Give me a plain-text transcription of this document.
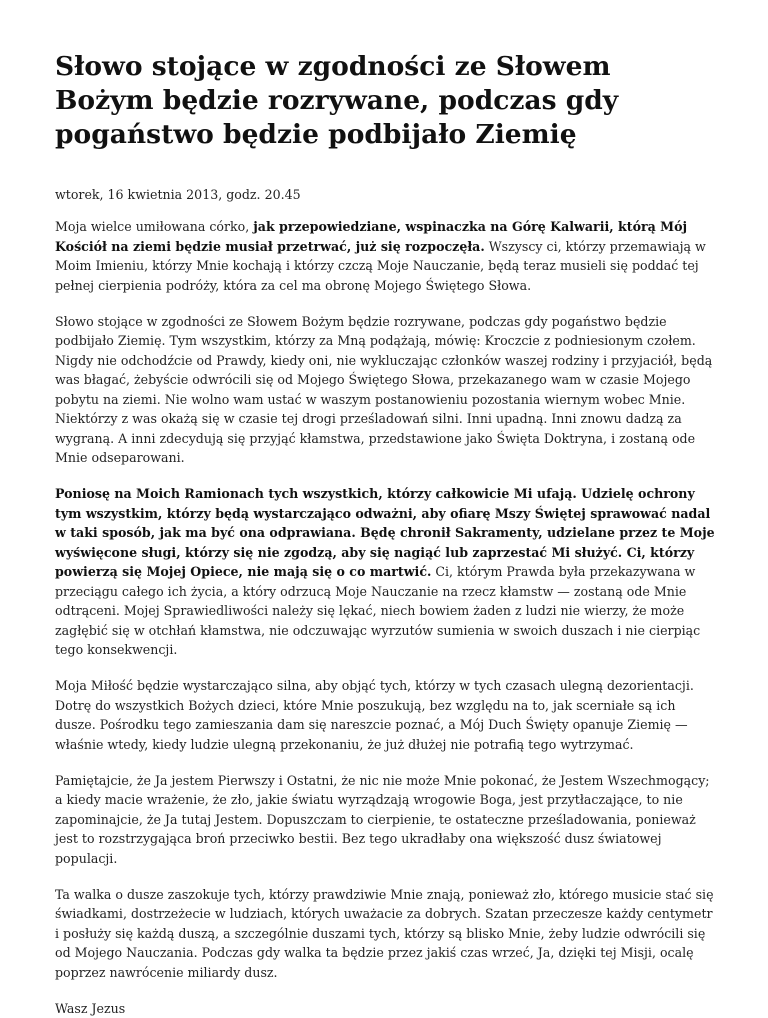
Słowo stojące w zgodności ze Słowem Bożym będzie rozrywane, podczas gdy pogaństwo będzie podbijało Ziemię
wtorek, 16 kwietnia 2013, godz. 20.45

Moja wielce umiłowana córko, jak przepowiedziane, wspinaczka na Górę Kalwarii, którą Mój Kościół na ziemi będzie musiał przetrwać, już się rozpoczęła. Wszyscy ci, którzy przemawiają w Moim Imieniu, którzy Mnie kochają i którzy czczą Moje Nauczanie, będą teraz musieli się poddać tej pełnej cierpienia podróży, która za cel ma obronę Mojego Świętego Słowa.

Słowo stojące w zgodności ze Słowem Bożym będzie rozrywane, podczas gdy pogaństwo będzie podbijało Ziemię. Tym wszystkim, którzy za Mną podążają, mówię: Kroczcie z podniesionym czołem. Nigdy nie odchodźcie od Prawdy, kiedy oni, nie wykluczając członków waszej rodziny i przyjaciół, będą was błagać, żebyście odwrócili się od Mojego Świętego Słowa, przekazanego wam w czasie Mojego pobytu na ziemi. Nie wolno wam ustać w waszym postanowieniu pozostania wiernym wobec Mnie. Niektórzy z was okażą się w czasie tej drogi prześladowań silni. Inni upadną. Inni znowu dadzą za wygraną. A inni zdecydują się przyjąć kłamstwa, przedstawione jako Święta Doktryna, i zostaną ode Mnie odseparowani.

Poniosę na Moich Ramionach tych wszystkich, którzy całkowicie Mi ufają. Udzielę ochrony tym wszystkim, którzy będą wystarczająco odważni, aby ofiarę Mszy Świętej sprawować nadal w taki sposób, jak ma być ona odprawiana. Będę chronił Sakramenty, udzielane przez te Moje wyświęcone sługi, którzy się nie zgodzą, aby się nagiąć lub zaprzestać Mi służyć. Ci, którzy powierzą się Mojej Opiece, nie mają się o co martwić. Ci, którym Prawda była przekazywana w przeciągu całego ich życia, a który odrzucą Moje Nauczanie na rzecz kłamstw — zostaną ode Mnie odtrąceni. Mojej Sprawiedliwości należy się lękać, niech bowiem żaden z ludzi nie wierzy, że może zagłębić się w otchłań kłamstwa, nie odczuwając wyrzutów sumienia w swoich duszach i nie cierpiąc tego konsekwencji.

Moja Miłość będzie wystarczająco silna, aby objąć tych, którzy w tych czasach ulegną dezorientacji. Dotrę do wszystkich Bożych dzieci, które Mnie poszukują, bez względu na to, jak scerniałe są ich dusze. Pośrodku tego zamieszania dam się nareszcie poznać, a Mój Duch Święty opanuje Ziemię — właśnie wtedy, kiedy ludzie ulegną przekonaniu, że już dłużej nie potrafią tego wytrzymać.

Pamiętajcie, że Ja jestem Pierwszy i Ostatni, że nic nie może Mnie pokonać, że Jestem Wszechmogący; a kiedy macie wrażenie, że zło, jakie światu wyrządzają wrogowie Boga, jest przytłaczające, to nie zapominajcie, że Ja tutaj Jestem. Dopuszczam to cierpienie, te ostateczne prześladowania, ponieważ jest to rozstrzygająca broń przeciwko bestii. Bez tego ukradłaby ona większość dusz światowej populacji.

Ta walka o dusze zaszokuje tych, którzy prawdziwie Mnie znają, ponieważ zło, którego musicie stać się świadkami, dostrzeżecie w ludziach, których uważacie za dobrych. Szatan przeczesze każdy centymetr i posłuży się każdą duszą, a szczególnie duszami tych, którzy są blisko Mnie, żeby ludzie odwrócili się od Mojego Nauczania. Podczas gdy walka ta będzie przez jakiś czas wrzeć, Ja, dzięki tej Misji, ocalę poprzez nawrócenie miliardy dusz.

Wasz Jezus
